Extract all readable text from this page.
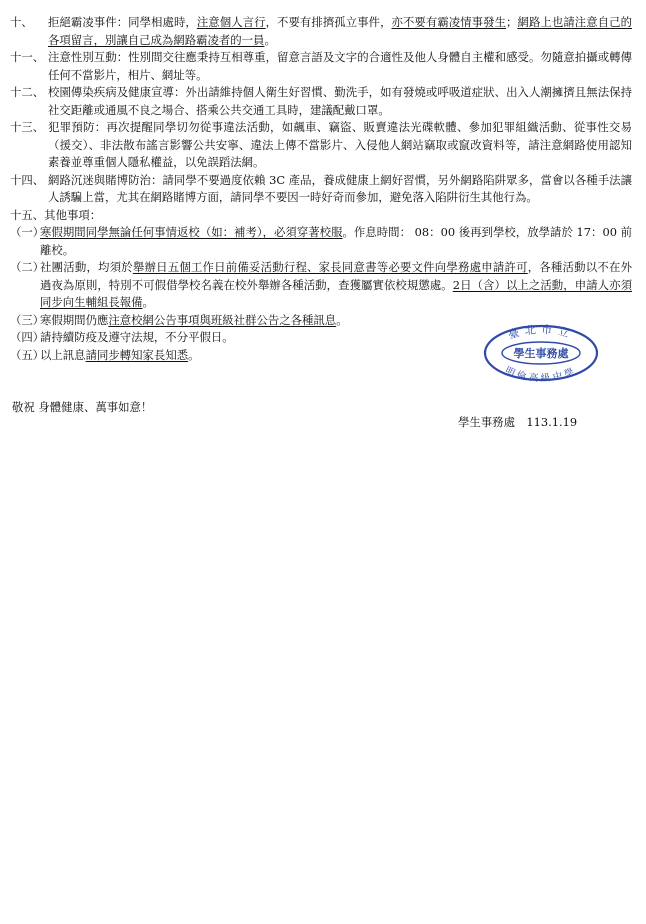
十、	拒絕霸凌事件：同學相處時，注意個人言行，不要有排擠孤立事件，亦不要有霸凌情事發生；網路上也請注意自己的各項留言，別讓自己成為網路霸凌者的一員。
十一、 注意性別互動：性別間交往應秉持互相尊重，留意言語及文字的合適性及他人身體自主權和感受。勿隨意拍攝或轉傳任何不當影片，相片、網址等。
十二、 校園傳染疾病及健康宣導：外出請維持個人衛生好習慣、勤洗手，如有發燒或呼吸道症狀、出入人潮擁擠且無法保持社交距離或通風不良之場合、搭乘公共交通工具時，建議配戴口罩。
十三、 犯罪預防：再次提醒同學切勿從事違法活動，如飆車、竊盜、販賣違法光碟軟體、參加犯罪組織活動、從事性交易（援交）、非法散布謠言影響公共安寧、違法上傳不當影片、入侵他人網站竊取或竄改資料等，請注意網路使用認知素養並尊重個人隱私權益，以免誤蹈法網。
十四、 網路沉迷與賭博防治：請同學不要過度依賴 3C 產品，養成健康上網好習慣，另外網路陷阱眾多，當會以各種手法讓人誘騙上當，尤其在網路賭博方面，請同學不要因一時好奇而參加，避免落入陷阱衍生其他行為。
十五、其他事項：
（一）
寒假期間同學無論任何事情返校（如：補考），必須穿著校服。作息時間： 08：00 後再到學校，放學請於 17：00 前離校。
（二）
社團活動，均須於舉辦日五個工作日前備妥活動行程、家長同意書等必要文件向學務處申請許可，各種活動以不在外過夜為原則，特別不可假借學校名義在校外舉辦各種活動，查獲屬實依校規懲處。2日（含）以上之活動，申請人亦須同步向生輔組長報備。
（三）
寒假期間仍應注意校網公告事項與班級社群公告之各種訊息。
（四）
請持續防疫及遵守法規，不分平假日。
（五）
以上訊息請同步轉知家長知悉。
敬祝 身體健康、萬事如意！
學生事務處　113.1.19
臺北市立
學生事務處
明倫高級中學
